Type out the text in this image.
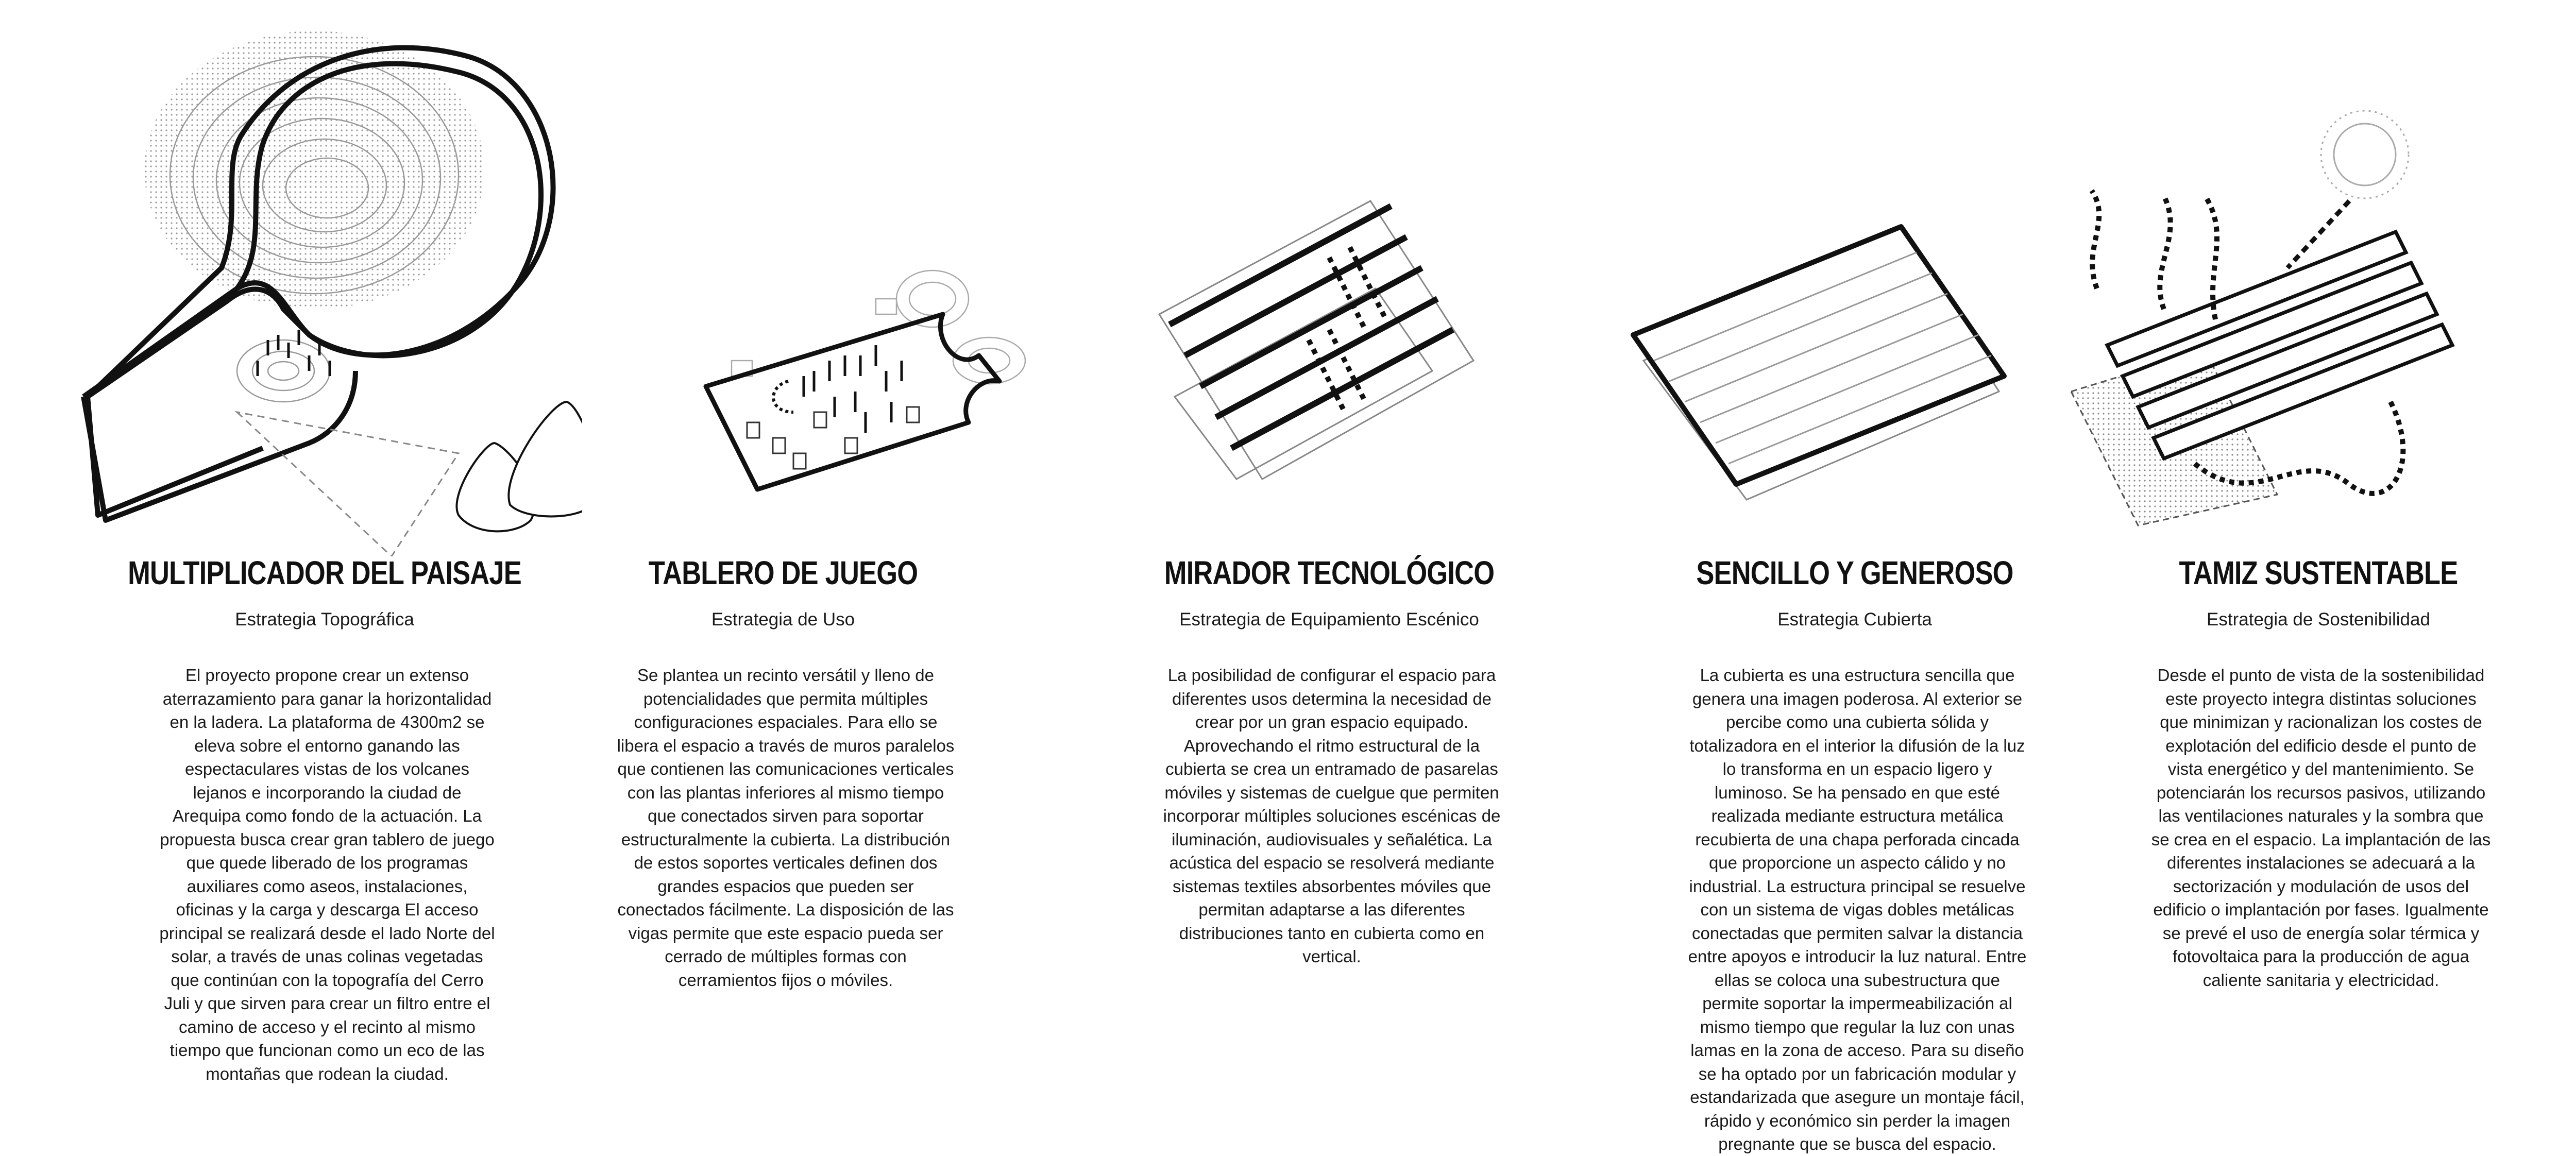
MULTIPLICADOR DEL PAISAJE
Estrategia Topográfica
El proyecto propone crear un extenso aterrazamiento para ganar la horizontalidad en la ladera. La plataforma de 4300m2 se eleva sobre el entorno ganando las espectaculares vistas de los volcanes lejanos e incorporando la ciudad de Arequipa como fondo de la actuación. La propuesta busca crear gran tablero de juego que quede liberado de los programas auxiliares como aseos, instalaciones, oficinas y la carga y descarga El acceso principal se realizará desde el lado Norte del solar, a través de unas colinas vegetadas que continúan con la topografía del Cerro Juli y que sirven para crear un filtro entre el camino de acceso y el recinto al mismo tiempo que funcionan como un eco de las montañas que rodean la ciudad.
TABLERO DE JUEGO
Estrategia de Uso
Se plantea un recinto versátil y lleno de potencialidades que permita múltiples configuraciones espaciales. Para ello se libera el espacio a través de muros paralelos que contienen las comunicaciones verticales con las plantas inferiores al mismo tiempo que conectados sirven para soportar estructuralmente la cubierta. La distribución de estos soportes verticales definen dos grandes espacios que pueden ser conectados fácilmente. La disposición de las vigas permite que este espacio pueda ser cerrado de múltiples formas con cerramientos fijos o móviles.
MIRADOR TECNOLÓGICO
Estrategia de Equipamiento Escénico
La posibilidad de configurar el espacio para diferentes usos determina la necesidad de crear por un gran espacio equipado. Aprovechando el ritmo estructural de la cubierta se crea un entramado de pasarelas móviles y sistemas de cuelgue que permiten incorporar múltiples soluciones escénicas de iluminación, audiovisuales y señalética. La acústica del espacio se resolverá mediante sistemas textiles absorbentes móviles que permitan adaptarse a las diferentes distribuciones tanto en cubierta como en vertical.
SENCILLO Y GENEROSO
Estrategia Cubierta
La cubierta es una estructura sencilla que genera una imagen poderosa. Al exterior se percibe como una cubierta sólida y totalizadora en el interior la difusión de la luz lo transforma en un espacio ligero y luminoso. Se ha pensado en que esté realizada mediante estructura metálica recubierta de una chapa perforada cincada que proporcione un aspecto cálido y no industrial. La estructura principal se resuelve con un sistema de vigas dobles metálicas conectadas que permiten salvar la distancia entre apoyos e introducir la luz natural. Entre ellas se coloca una subestructura que permite soportar la impermeabilización al mismo tiempo que regular la luz con unas lamas en la zona de acceso. Para su diseño se ha optado por un fabricación modular y estandarizada que asegure un montaje fácil, rápido y económico sin perder la imagen pregnante que se busca del espacio.
TAMIZ SUSTENTABLE
Estrategia de Sostenibilidad
Desde el punto de vista de la sostenibilidad este proyecto integra distintas soluciones que minimizan y racionalizan los costes de explotación del edificio desde el punto de vista energético y del mantenimiento. Se potenciarán los recursos pasivos, utilizando las ventilaciones naturales y la sombra que se crea en el espacio. La implantación de las diferentes instalaciones se adecuará a la sectorización y modulación de usos del edificio o implantación por fases. Igualmente se prevé el uso de energía solar térmica y fotovoltaica para la producción de agua caliente sanitaria y electricidad.
